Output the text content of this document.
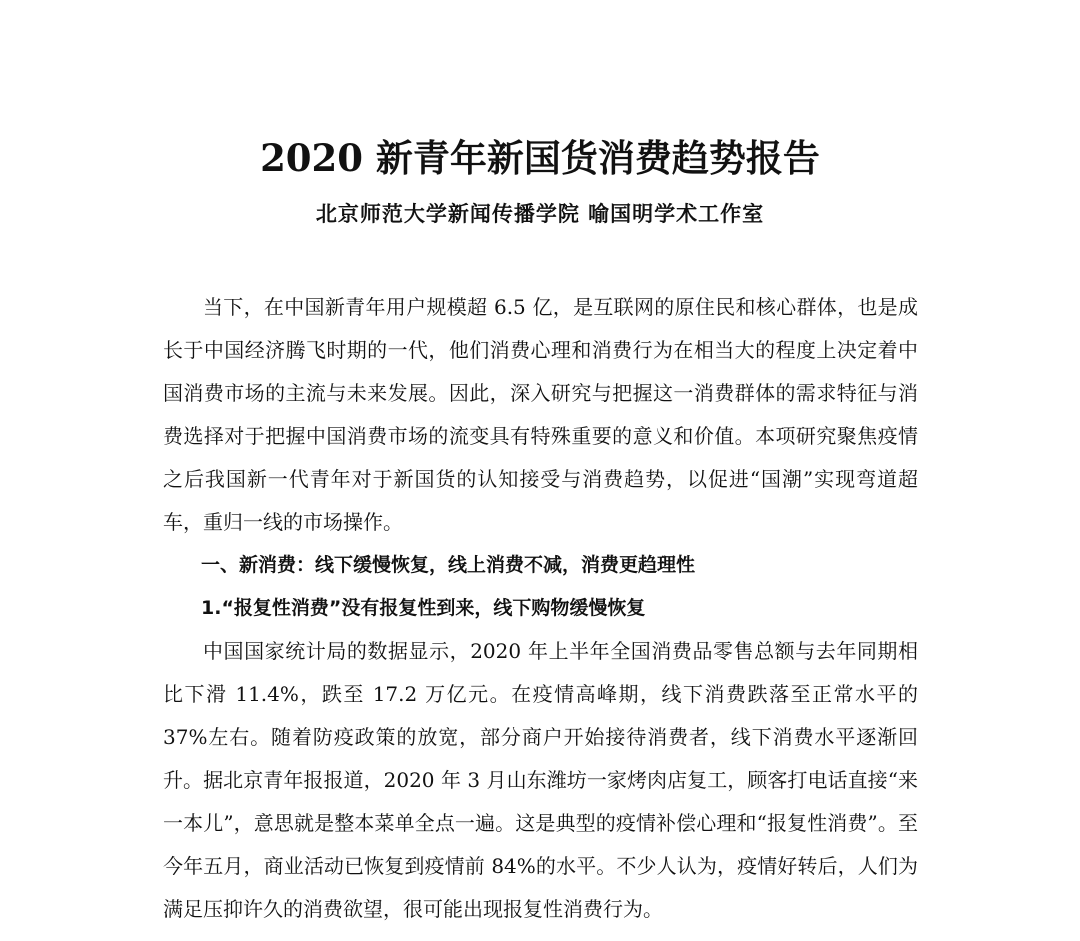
2020 新青年新国货消费趋势报告
北京师范大学新闻传播学院 喻国明学术工作室

当下，在中国新青年用户规模超 6.5 亿，是互联网的原住民和核心群体，也是成长于中国经济腾飞时期的一代，他们消费心理和消费行为在相当大的程度上决定着中国消费市场的主流与未来发展。因此，深入研究与把握这一消费群体的需求特征与消费选择对于把握中国消费市场的流变具有特殊重要的意义和价值。本项研究聚焦疫情之后我国新一代青年对于新国货的认知接受与消费趋势，以促进“国潮”实现弯道超车，重归一线的市场操作。

一、新消费：线下缓慢恢复，线上消费不减，消费更趋理性

1.“报复性消费”没有报复性到来，线下购物缓慢恢复

中国国家统计局的数据显示，2020 年上半年全国消费品零售总额与去年同期相比下滑 11.4%，跌至 17.2 万亿元。在疫情高峰期，线下消费跌落至正常水平的 37%左右。随着防疫政策的放宽，部分商户开始接待消费者，线下消费水平逐渐回升。据北京青年报报道，2020 年 3 月山东潍坊一家烤肉店复工，顾客打电话直接“来一本儿”，意思就是整本菜单全点一遍。这是典型的疫情补偿心理和“报复性消费”。至今年五月，商业活动已恢复到疫情前 84%的水平。不少人认为，疫情好转后，人们为满足压抑许久的消费欲望，很可能出现报复性消费行为。
